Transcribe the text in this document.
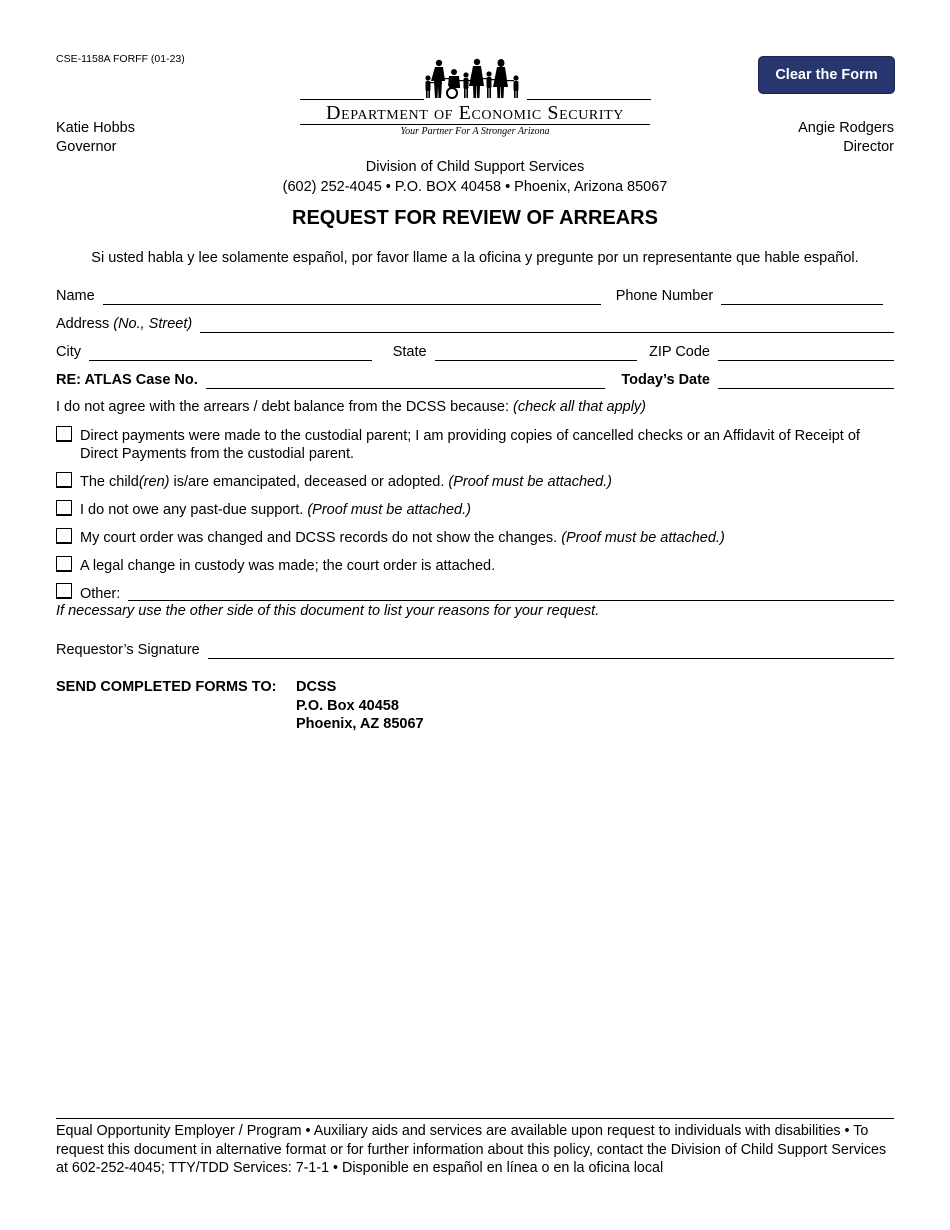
CSE-1158A FORFF (01-23)
Katie Hobbs
Governor
Clear the Form
Angie Rodgers
Director
Department of Economic Security
Your Partner For A Stronger Arizona
Division of Child Support Services
(602) 252-4045 • P.O. BOX 40458 • Phoenix, Arizona 85067
REQUEST FOR REVIEW OF ARREARS
Si usted habla y lee solamente español, por favor llame a la oficina y pregunte por un representante que hable español.
Name	Phone Number
Address (No., Street)
City	State	ZIP Code
RE: ATLAS Case No.	Today’s Date
I do not agree with the arrears / debt balance from the DCSS because: (check all that apply)
Direct payments were made to the custodial parent; I am providing copies of cancelled checks or an Affidavit of Receipt of Direct Payments from the custodial parent.
The child(ren) is/are emancipated, deceased or adopted. (Proof must be attached.)
I do not owe any past-due support. (Proof must be attached.)
My court order was changed and DCSS records do not show the changes. (Proof must be attached.)
A legal change in custody was made; the court order is attached.
Other:
If necessary use the other side of this document to list your reasons for your request.
Requestor’s Signature
SEND COMPLETED FORMS TO: DCSS
P.O. Box 40458
Phoenix, AZ 85067
Equal Opportunity Employer / Program • Auxiliary aids and services are available upon request to individuals with disabilities • To request this document in alternative format or for further information about this policy, contact the Division of Child Support Services at 602-252-4045; TTY/TDD Services: 7-1-1 • Disponible en español en línea o en la oficina local
